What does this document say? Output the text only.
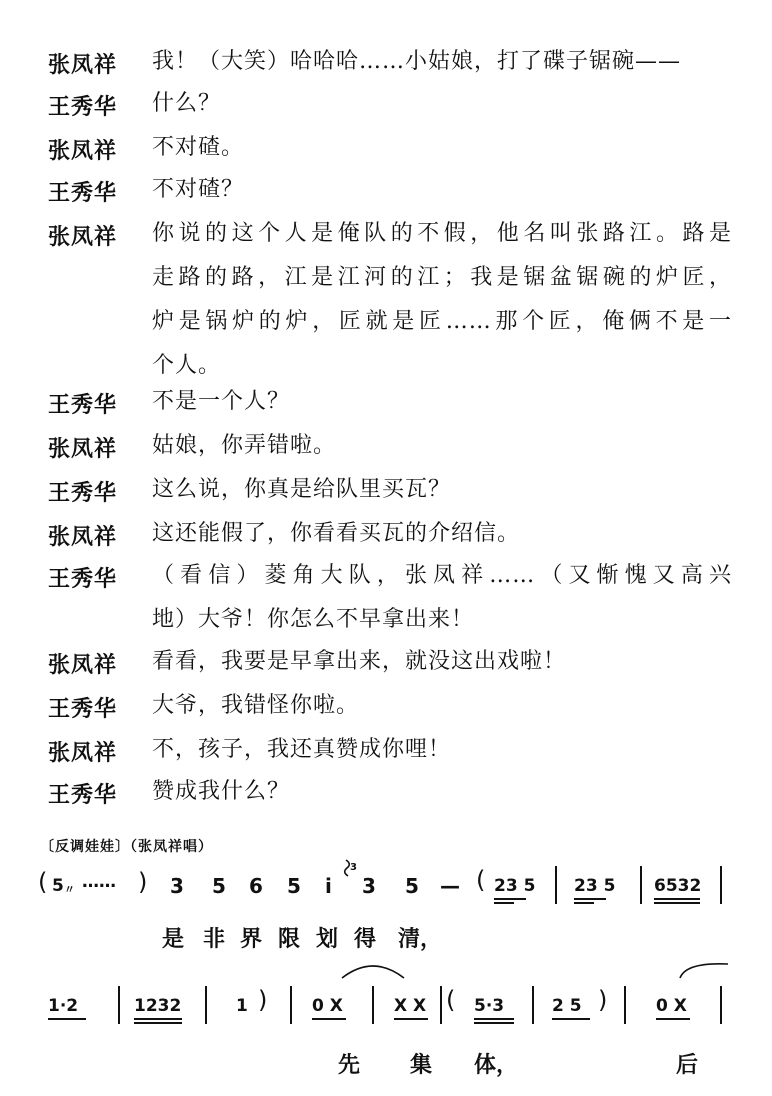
张凤祥 我！（大笑）哈哈哈……小姑娘，打了碟子锯碗——
王秀华 什么？
张凤祥 不对碴。
王秀华 不对碴？
张凤祥 你说的这个人是俺队的不假，他名叫张路江。路是
走路的路，江是江河的江；我是锯盆锯碗的炉匠，
炉是锅炉的炉，匠就是匠……那个匠，俺俩不是一
个人。
王秀华 不是一个人？
张凤祥 姑娘，你弄错啦。
王秀华 这么说，你真是给队里买瓦？
张凤祥 这还能假了，你看看买瓦的介绍信。
王秀华 （看信）菱角大队，张凤祥……（又惭愧又高兴
地）大爷！你怎么不早拿出来！
张凤祥 看看，我要是早拿出来，就没这出戏啦！
王秀华 大爷，我错怪你啦。
张凤祥 不，孩子，我还真赞成你哩！
王秀华 赞成我什么？
〔反调娃娃〕（张凤祥唱）
( 5 〃 …… ) 3 5 6 5 i
3
3 5 — ( 23 5 23 5 6532
是 非 界 限 划 得 清，
1·2	1232	1 )	0 X	X X ( 5·3	2 5 )	0 X
先 集 体，	后
